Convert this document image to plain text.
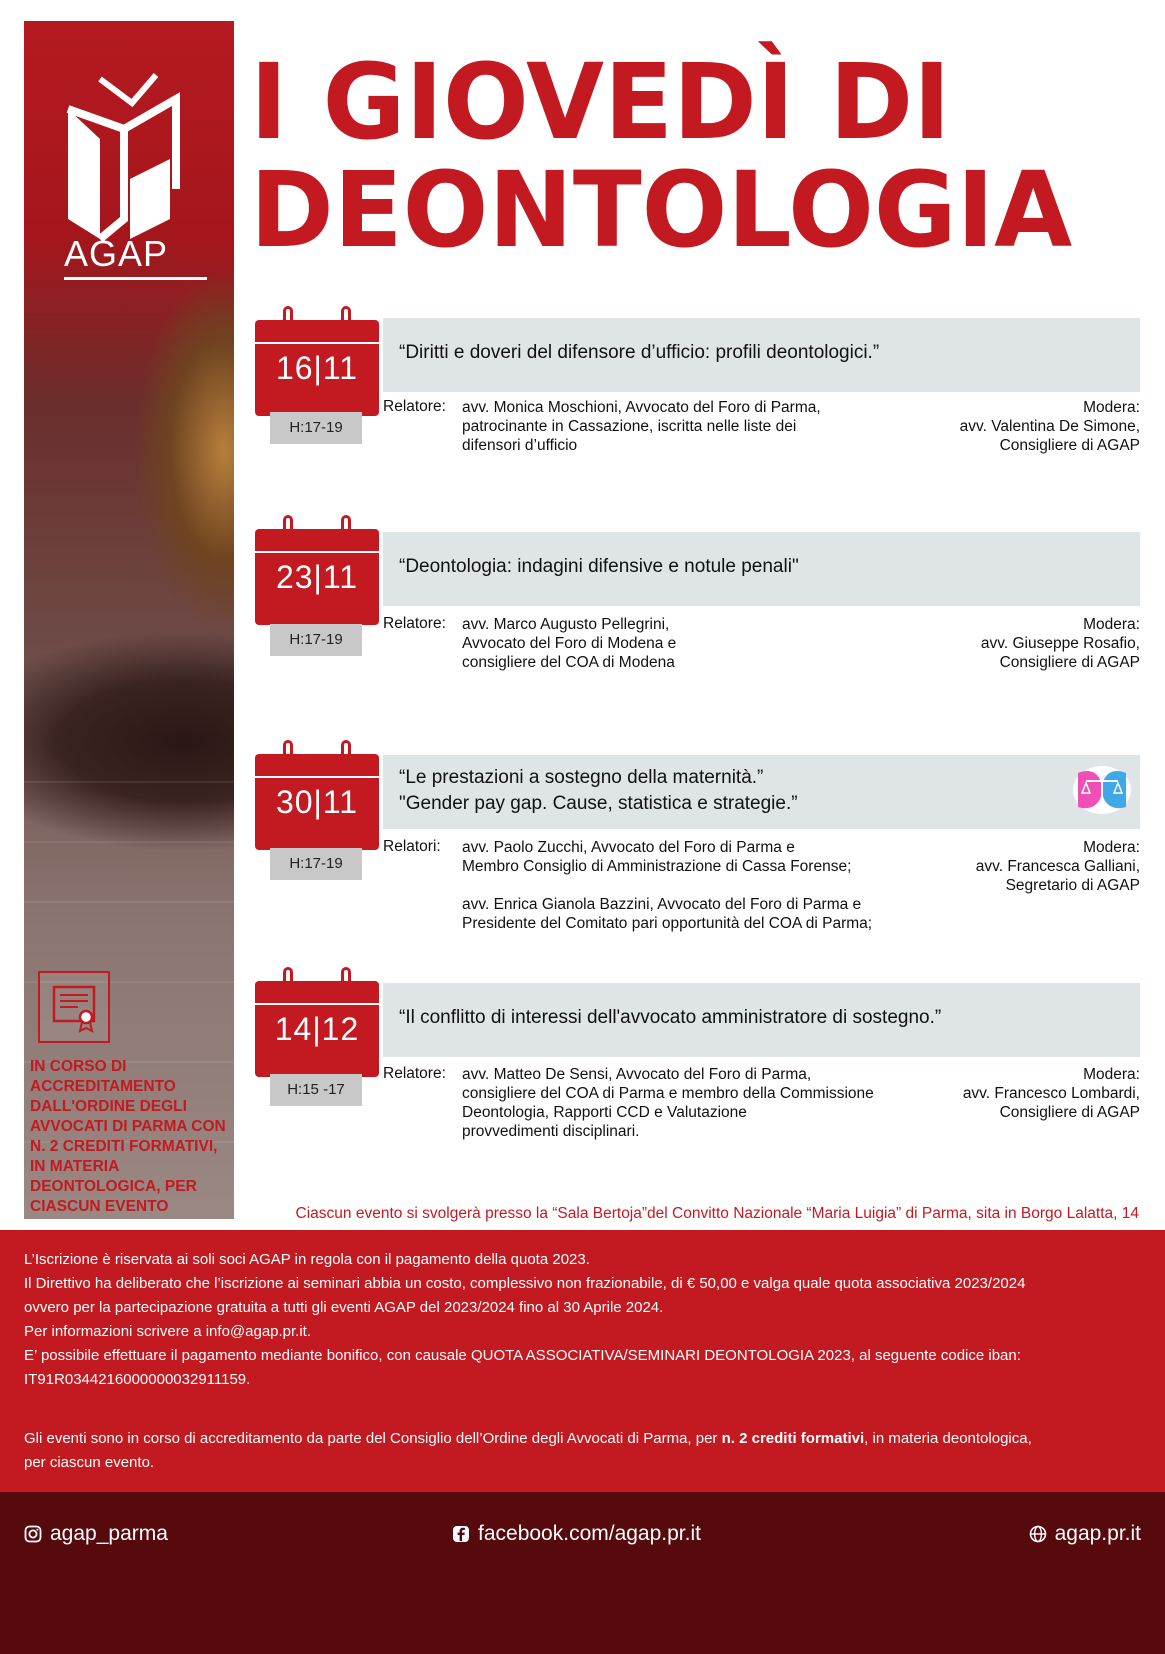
AGAP
IN CORSO DI ACCREDITAMENTO DALL'ORDINE DEGLI AVVOCATI DI PARMA CON N. 2 CREDITI FORMATIVI, IN MATERIA DEONTOLOGICA, PER CIASCUN EVENTO
I GIOVEDÌ DI
DEONTOLOGIA
16|11
H:17-19
“Diritti e doveri del difensore d’ufficio: profili deontologici.”
Relatore: avv. Monica Moschioni, Avvocato del Foro di Parma,
patrocinante in Cassazione, iscritta nelle liste dei
difensori d’ufficio
Modera:
avv. Valentina De Simone,
Consigliere di AGAP
23|11
H:17-19
“Deontologia: indagini difensive e notule penali"
Relatore: avv. Marco Augusto Pellegrini,
Avvocato del Foro di Modena e
consigliere del COA di Modena
Modera:
avv. Giuseppe Rosafio,
Consigliere di AGAP
30|11
H:17-19
“Le prestazioni a sostegno della maternità.”
"Gender pay gap. Cause, statistica e strategie.”
Relatori: avv. Paolo Zucchi, Avvocato del Foro di Parma e
Membro Consiglio di Amministrazione di Cassa Forense;
avv. Enrica Gianola Bazzini, Avvocato del Foro di Parma e
Presidente del Comitato pari opportunità del COA di Parma;
Modera:
avv. Francesca Galliani,
Segretario di AGAP
14|12
H:15 -17
“Il conflitto di interessi dell'avvocato amministratore di sostegno.”
Relatore: avv. Matteo De Sensi, Avvocato del Foro di Parma,
consigliere del COA di Parma e membro della Commissione
Deontologia, Rapporti CCD e Valutazione
provvedimenti disciplinari.
Modera:
avv. Francesco Lombardi,
Consigliere di AGAP
Ciascun evento si svolgerà presso la “Sala Bertoja”del Convitto Nazionale “Maria Luigia” di Parma, sita in Borgo Lalatta, 14
L’Iscrizione è riservata ai soli soci AGAP in regola con il pagamento della quota 2023.
Il Direttivo ha deliberato che l’iscrizione ai seminari abbia un costo, complessivo non frazionabile, di € 50,00 e valga quale quota associativa 2023/2024
ovvero per la partecipazione gratuita a tutti gli eventi AGAP del 2023/2024 fino al 30 Aprile 2024.
Per informazioni scrivere a info@agap.pr.it.
E’ possibile effettuare il pagamento mediante bonifico, con causale QUOTA ASSOCIATIVA/SEMINARI DEONTOLOGIA 2023, al seguente codice iban:
IT91R0344216000000032911159.
Gli eventi sono in corso di accreditamento da parte del Consiglio dell’Ordine degli Avvocati di Parma, per n. 2 crediti formativi, in materia deontologica,
per ciascun evento.
agap_parma	facebook.com/agap.pr.it	agap.pr.it
